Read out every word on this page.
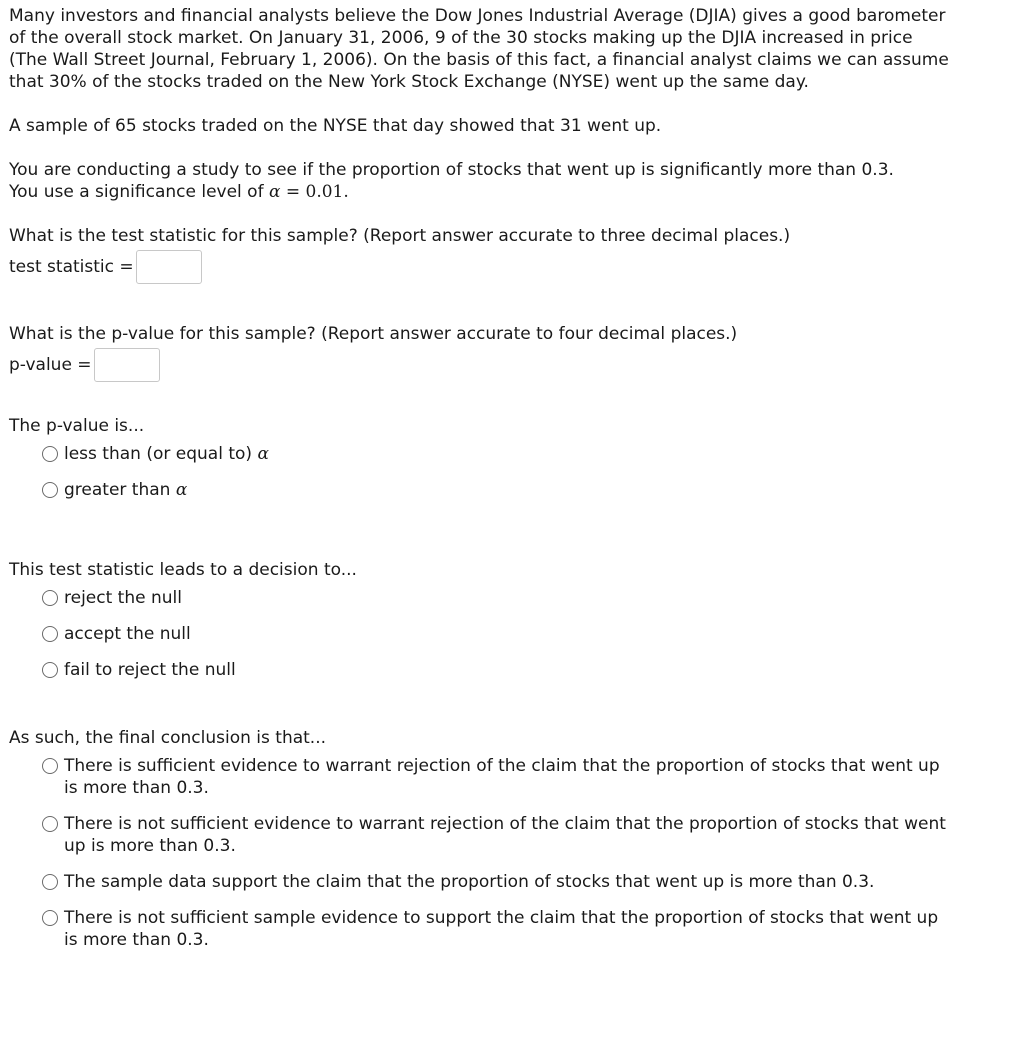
Many investors and financial analysts believe the Dow Jones Industrial Average (DJIA) gives a good barometer of the overall stock market. On January 31, 2006, 9 of the 30 stocks making up the DJIA increased in price (The Wall Street Journal, February 1, 2006). On the basis of this fact, a financial analyst claims we can assume that 30% of the stocks traded on the New York Stock Exchange (NYSE) went up the same day.

A sample of 65 stocks traded on the NYSE that day showed that 31 went up.

You are conducting a study to see if the proportion of stocks that went up is significantly more than 0.3.

You use a significance level of α = 0.01.

What is the test statistic for this sample? (Report answer accurate to three decimal places.)

test statistic =

What is the p-value for this sample? (Report answer accurate to four decimal places.)

p-value =

The p-value is...

less than (or equal to) α
greater than α

This test statistic leads to a decision to...

reject the null
accept the null
fail to reject the null

As such, the final conclusion is that...

There is sufficient evidence to warrant rejection of the claim that the proportion of stocks that went up is more than 0.3.
There is not sufficient evidence to warrant rejection of the claim that the proportion of stocks that went up is more than 0.3.
The sample data support the claim that the proportion of stocks that went up is more than 0.3.
There is not sufficient sample evidence to support the claim that the proportion of stocks that went up is more than 0.3.
